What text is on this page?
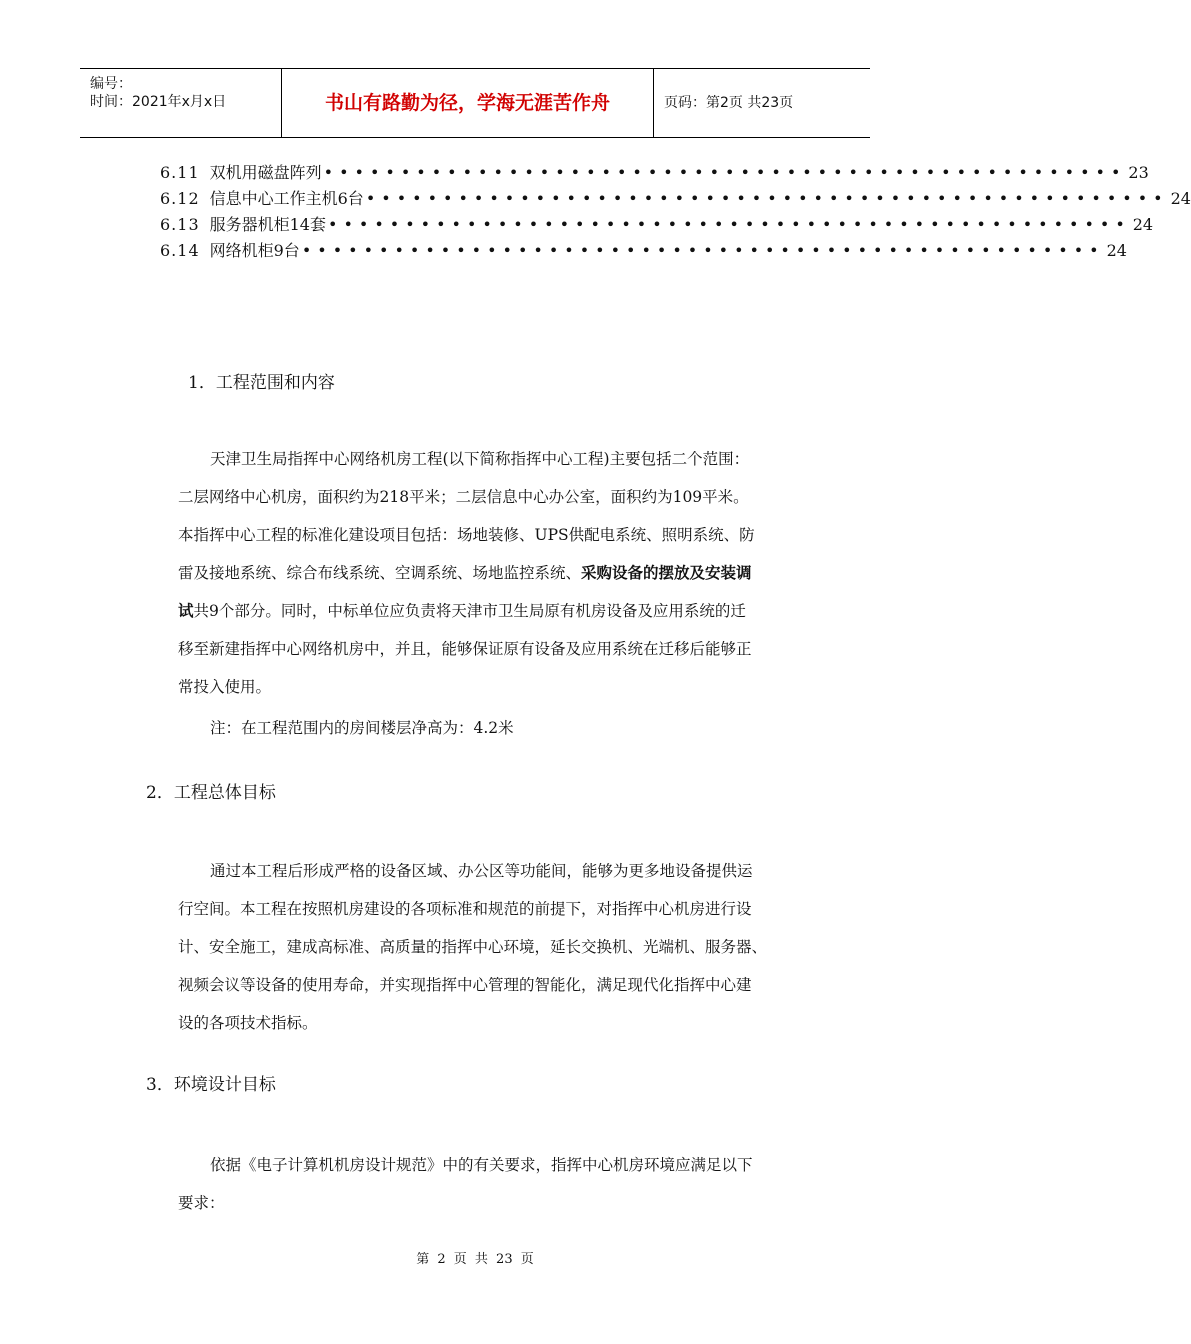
编号：
时间：2021年x月x日	书山有路勤为径，学海无涯苦作舟	页码：第2页 共23页
6.11 双机用磁盘阵列 •••••••••••••••••••••••••••••••••••••••••••••••••••• 23
6.12 信息中心工作主机6台 •••••••••••••••••••••••••••••••••••••••••••••••••••• 24
6.13 服务器机柜14套 •••••••••••••••••••••••••••••••••••••••••••••••••••• 24
6.14 网络机柜9台 •••••••••••••••••••••••••••••••••••••••••••••••••••• 24
1．工程范围和内容
天津卫生局指挥中心网络机房工程(以下简称指挥中心工程)主要包括二个范围：
二层网络中心机房，面积约为218平米；二层信息中心办公室，面积约为109平米。
本指挥中心工程的标准化建设项目包括：场地装修、UPS供配电系统、照明系统、防
雷及接地系统、综合布线系统、空调系统、场地监控系统、采购设备的摆放及安装调
试共9个部分。同时，中标单位应负责将天津市卫生局原有机房设备及应用系统的迁
移至新建指挥中心网络机房中，并且，能够保证原有设备及应用系统在迁移后能够正
常投入使用。
注：在工程范围内的房间楼层净高为：4.2米
2．工程总体目标
通过本工程后形成严格的设备区域、办公区等功能间，能够为更多地设备提供运
行空间。本工程在按照机房建设的各项标准和规范的前提下，对指挥中心机房进行设
计、安全施工，建成高标准、高质量的指挥中心环境，延长交换机、光端机、服务器、
视频会议等设备的使用寿命，并实现指挥中心管理的智能化，满足现代化指挥中心建
设的各项技术指标。
3．环境设计目标
依据《电子计算机机房设计规范》中的有关要求，指挥中心机房环境应满足以下
要求：
第 2 页 共 23 页
